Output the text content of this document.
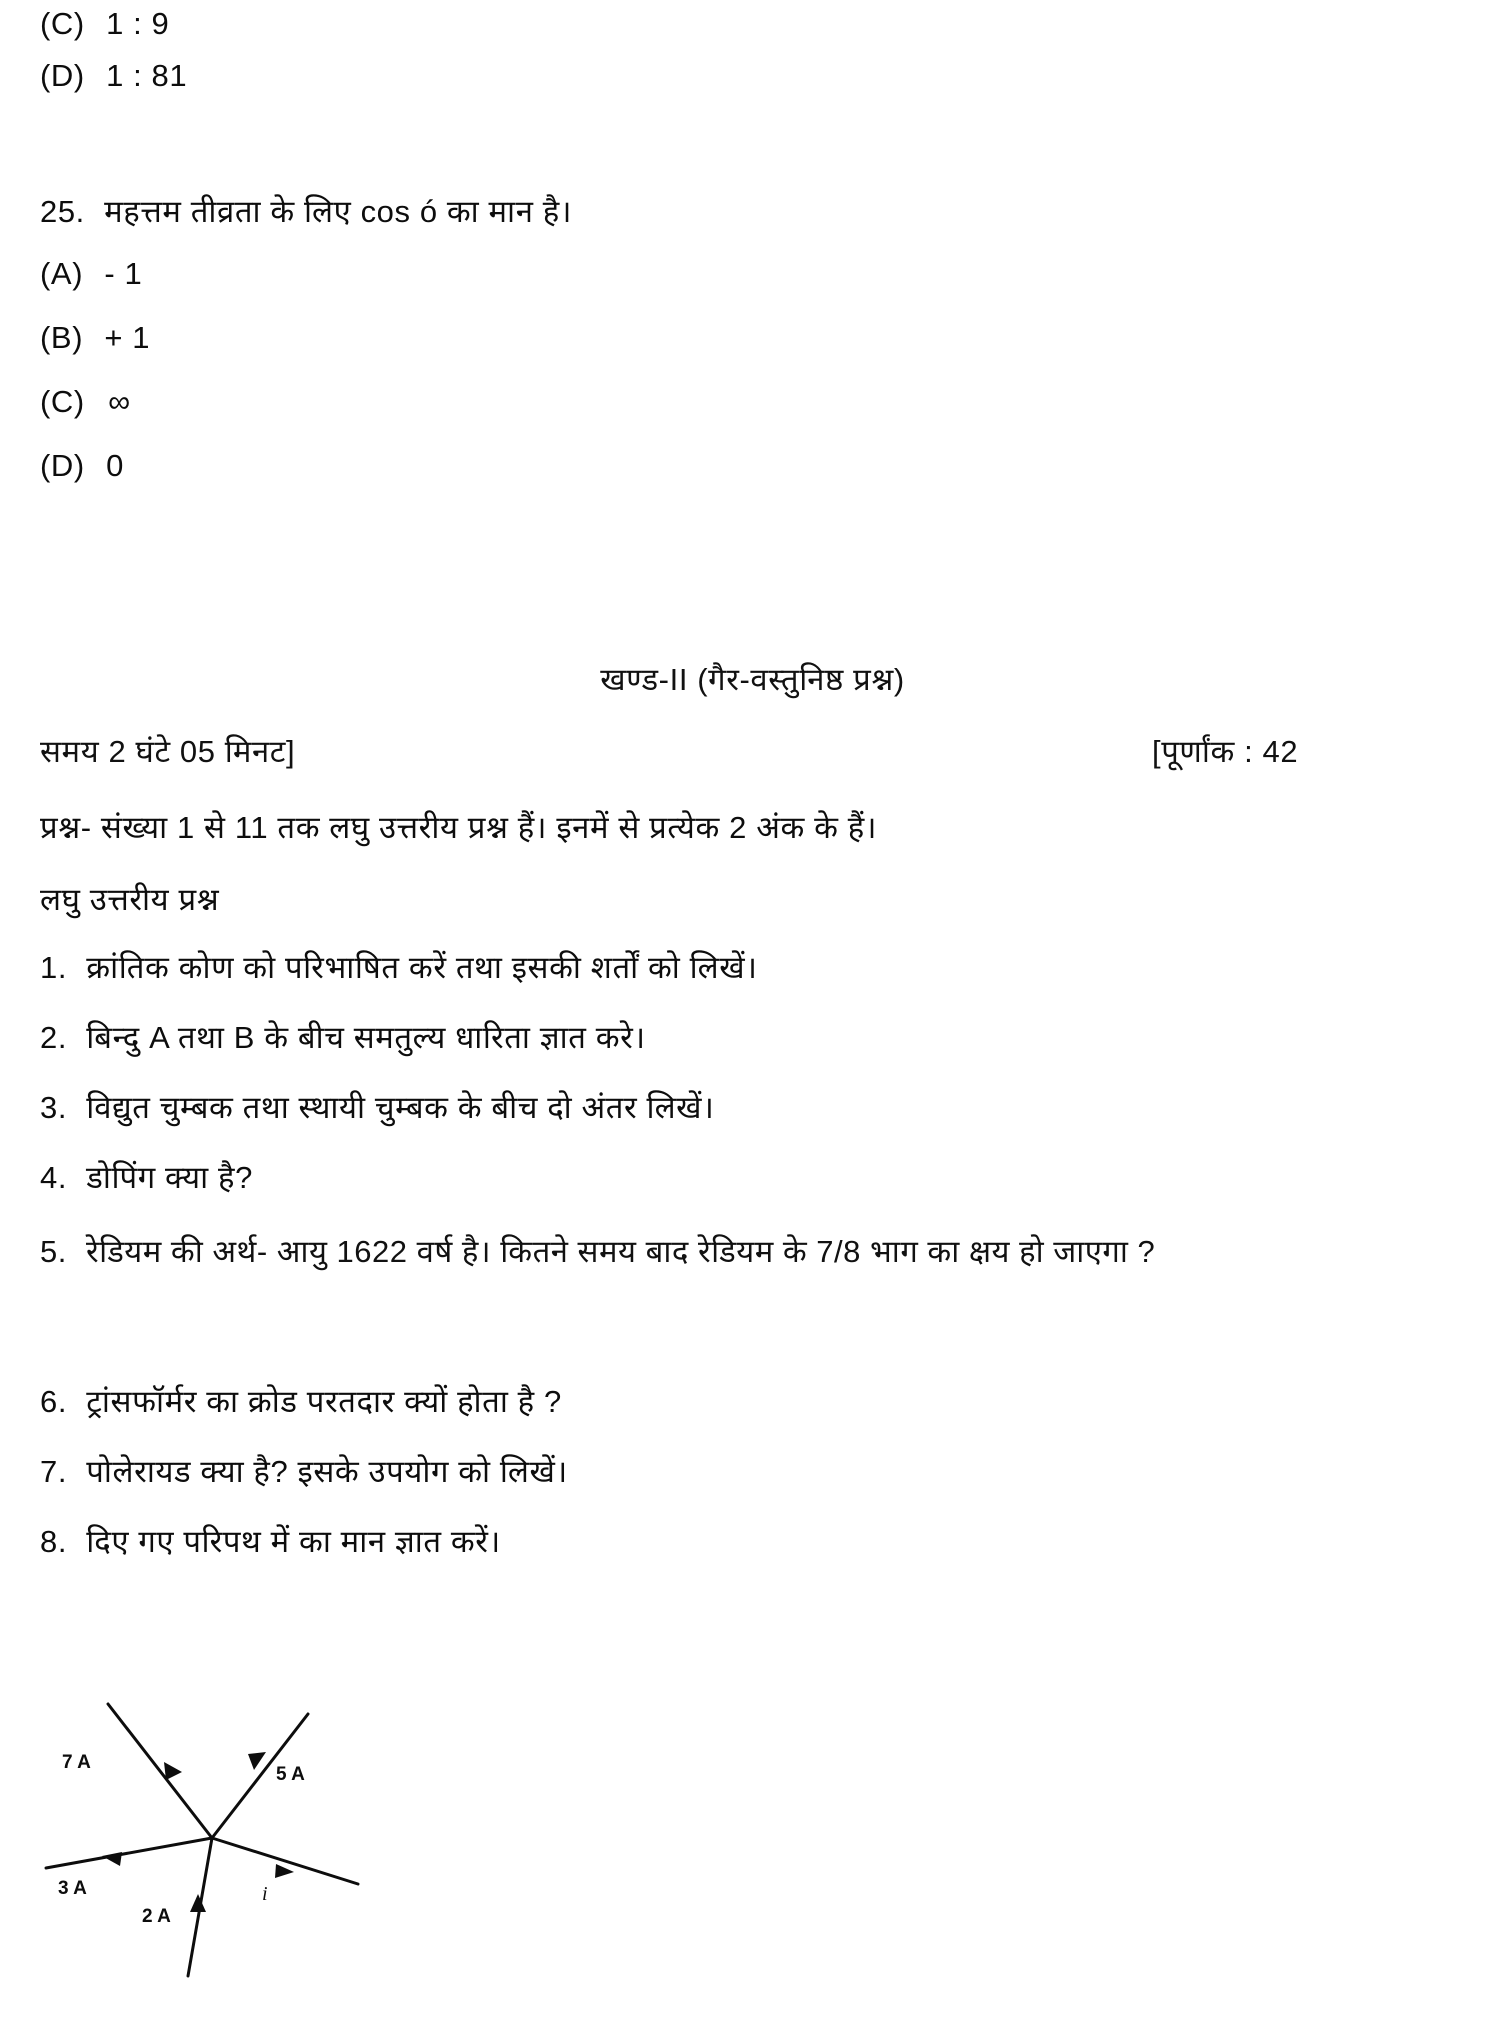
(C) 1 : 9
(D) 1 : 81
25. महत्तम तीव्रता के लिए cos ó का मान है।
(A) - 1
(B) + 1
(C) ∞
(D) 0
खण्ड-II (गैर-वस्तुनिष्ठ प्रश्न)
समय 2 घंटे 05 मिनट]	[पूर्णांक : 42
प्रश्न- संख्या 1 से 11 तक लघु उत्तरीय प्रश्न हैं। इनमें से प्रत्येक 2 अंक के हैं।
लघु उत्तरीय प्रश्न
1. क्रांतिक कोण को परिभाषित करें तथा इसकी शर्तों को लिखें।
2. बिन्दु A तथा B के बीच समतुल्य धारिता ज्ञात करे।
3. विद्युत चुम्बक तथा स्थायी चुम्बक के बीच दो अंतर लिखें।
4. डोपिंग क्या है?
5. रेडियम की अर्थ- आयु 1622 वर्ष है। कितने समय बाद रेडियम के 7/8 भाग का क्षय हो जाएगा ?
6. ट्रांसफॉर्मर का क्रोड परतदार क्यों होता है ?
7. पोलेरायड क्या है? इसके उपयोग को लिखें।
8. दिए गए परिपथ में का मान ज्ञात करें।
7 A
5 A
3 A
2 A
i
